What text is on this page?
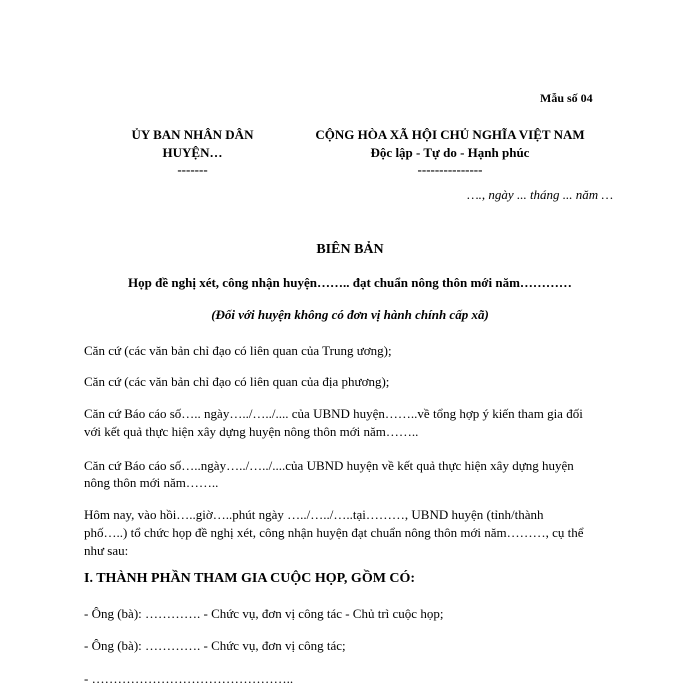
Mẫu số 04
ỦY BAN NHÂN DÂN
HUYỆN…
-------
CỘNG HÒA XÃ HỘI CHỦ NGHĨA VIỆT NAM
Độc lập - Tự do - Hạnh phúc
---------------
…., ngày ... tháng ... năm …
BIÊN BẢN
Họp đề nghị xét, công nhận huyện…….. đạt chuẩn nông thôn mới năm…………
(Đối với huyện không có đơn vị hành chính cấp xã)
Căn cứ (các văn bản chỉ đạo có liên quan của Trung ương);
Căn cứ (các văn bản chỉ đạo có liên quan của địa phương);
Căn cứ Báo cáo số….. ngày…../…../.... của UBND huyện……..về tổng hợp ý kiến tham gia đối
với kết quả thực hiện xây dựng huyện nông thôn mới năm……..
Căn cứ Báo cáo số…..ngày…../…../....của UBND huyện về kết quả thực hiện xây dựng huyện
nông thôn mới năm……..
Hôm nay, vào hồi…..giờ…..phút ngày …../…../…..tại………, UBND huyện (tỉnh/thành
phố…..) tổ chức họp đề nghị xét, công nhận huyện đạt chuẩn nông thôn mới năm………, cụ thể
như sau:
I. THÀNH PHẦN THAM GIA CUỘC HỌP, GỒM CÓ:
- Ông (bà): …………. - Chức vụ, đơn vị công tác - Chủ trì cuộc họp;
- Ông (bà): …………. - Chức vụ, đơn vị công tác;
- ………………………………………..
